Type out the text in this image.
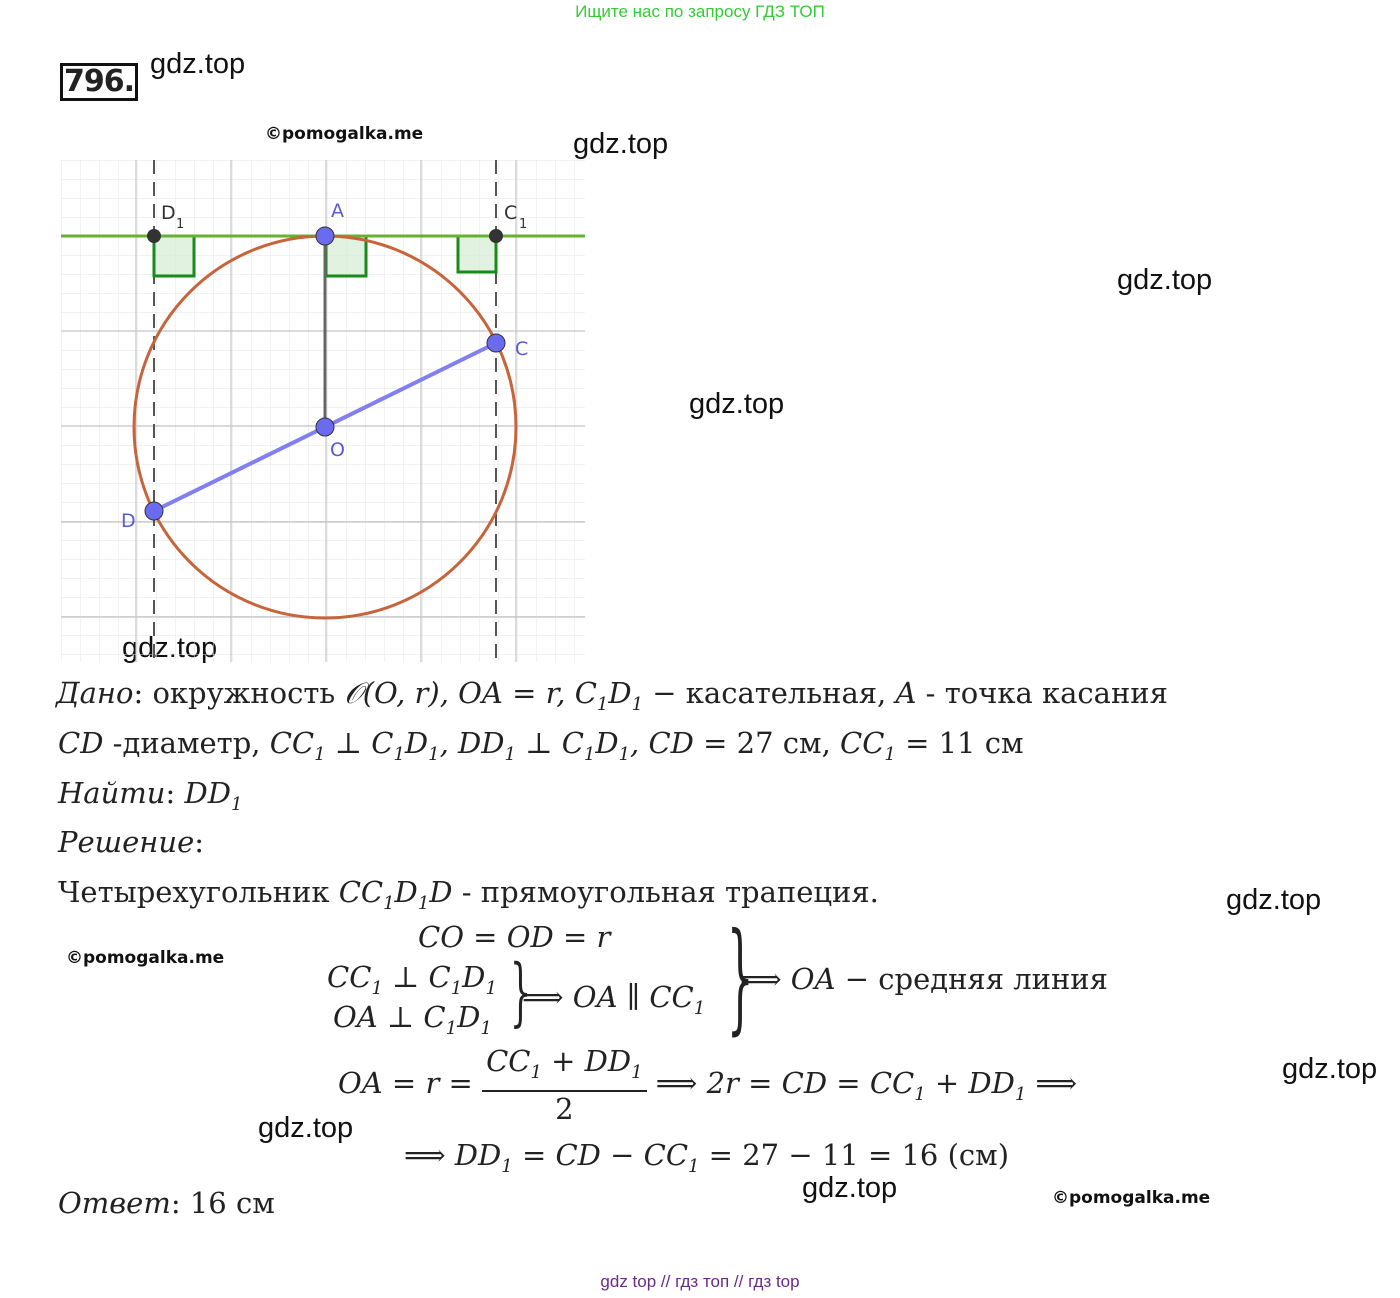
Ищите нас по запросу ГДЗ ТОП
796. gdz.top
gdz.top
gdz.top
gdz.top
gdz.top
gdz.top
gdz.top
gdz.top
©pomogalka.me
©pomogalka.me
©pomogalka.me
D
1
A	C
1
C
O
D
Дано: окружность 𝒪(O, r), OA = r, $C_1D_1$ − касательная, A - точка касания
CD -диаметр, $CC_1$ ⊥ $C_1D_1$, $DD_1$ ⊥ $C_1D_1$, CD = 27 см, $CC_1 = 11$ см
Найти: $DD_1$
Решение:
Четырехугольник $CC_1D_1D$ - прямоугольная трапеция.
CO = OD = r
$CC_1$ ⊥ $C_1D_1$
OA ⊥ $C_1D_1$ }
⟹ OA ∥ $CC_1$ }
⟹ OA − средняя линия
OA = $r = \frac{CC_1 + DD_1}{2}$ ⟹ 2r = CD = $CC_1 + DD_1$ ⟹
⟹ $DD_1$ = CD − $CC_1 = 27 - 11 = 16$ (см)
Ответ: 16 см
gdz top // гдз топ // гдз top
